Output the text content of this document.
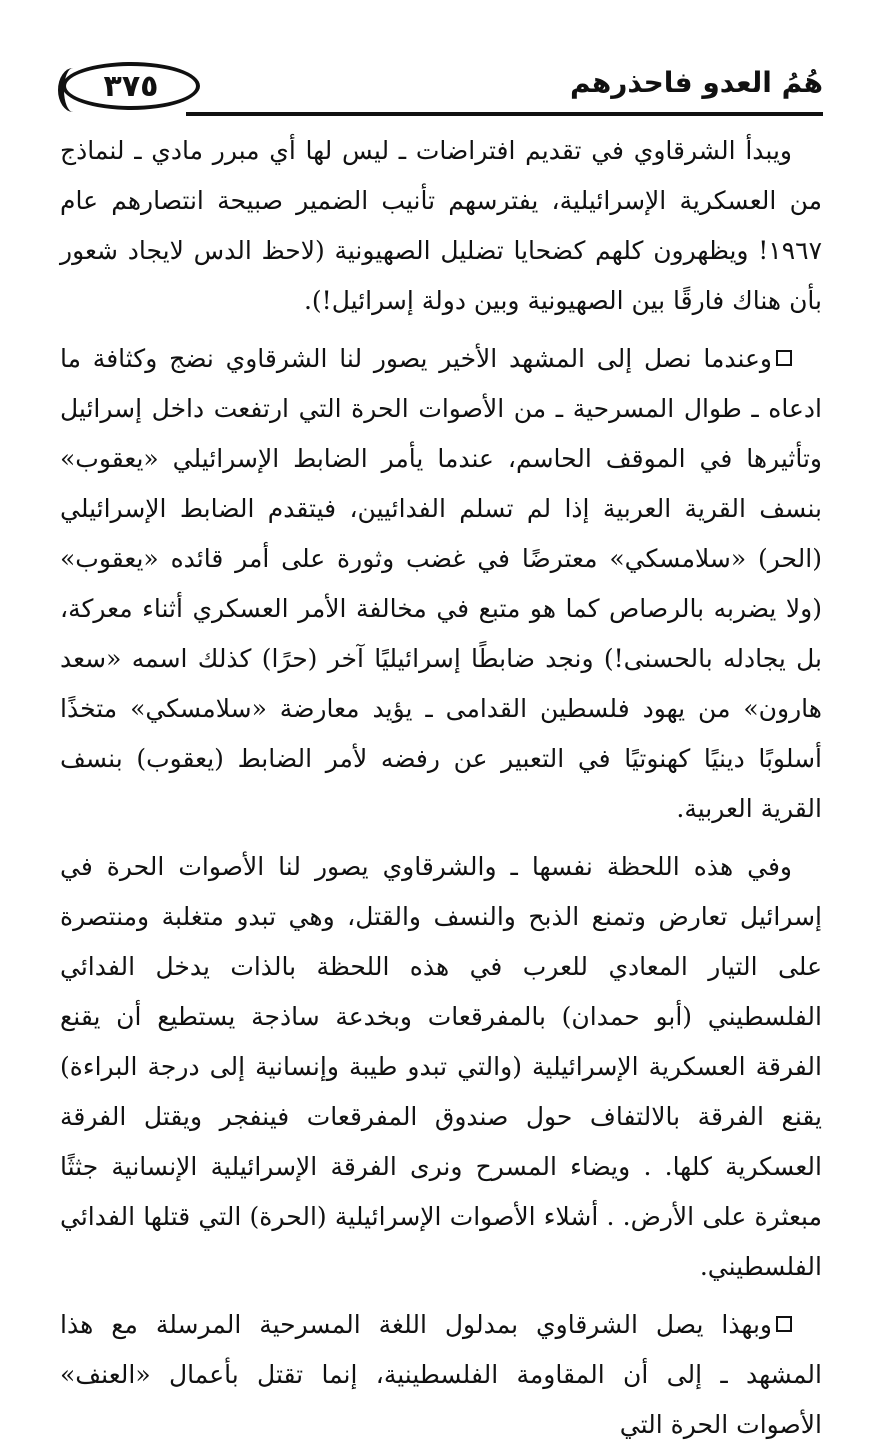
٣٧٥	هُمُ العدو فاحذرهم

ويبدأ الشرقاوي في تقديم افتراضات ـ ليس لها أي مبرر مادي ـ لنماذج من العسكرية الإسرائيلية، يفترسهم تأنيب الضمير صبيحة انتصارهم عام ١٩٦٧! ويظهرون كلهم كضحايا تضليل الصهيونية (لاحظ الدس لايجاد شعور بأن هناك فارقًا بين الصهيونية وبين دولة إسرائيل!).

وعندما نصل إلى المشهد الأخير يصور لنا الشرقاوي نضج وكثافة ما ادعاه ـ طوال المسرحية ـ من الأصوات الحرة التي ارتفعت داخل إسرائيل وتأثيرها في الموقف الحاسم، عندما يأمر الضابط الإسرائيلي «يعقوب» بنسف القرية العربية إذا لم تسلم الفدائيين، فيتقدم الضابط الإسرائيلي (الحر) «سلامسكي» معترضًا في غضب وثورة على أمر قائده «يعقوب» (ولا يضربه بالرصاص كما هو متبع في مخالفة الأمر العسكري أثناء معركة، بل يجادله بالحسنى!) ونجد ضابطًا إسرائيليًا آخر (حرًا) كذلك اسمه «سعد هارون» من يهود فلسطين القدامى ـ يؤيد معارضة «سلامسكي» متخذًا أسلوبًا دينيًا كهنوتيًا في التعبير عن رفضه لأمر الضابط (يعقوب) بنسف القرية العربية.

وفي هذه اللحظة نفسها ـ والشرقاوي يصور لنا الأصوات الحرة في إسرائيل تعارض وتمنع الذبح والنسف والقتل، وهي تبدو متغلبة ومنتصرة على التيار المعادي للعرب في هذه اللحظة بالذات يدخل الفدائي الفلسطيني (أبو حمدان) بالمفرقعات وبخدعة ساذجة يستطيع أن يقنع الفرقة العسكرية الإسرائيلية (والتي تبدو طيبة وإنسانية إلى درجة البراءة) يقنع الفرقة بالالتفاف حول صندوق المفرقعات فينفجر ويقتل الفرقة العسكرية كلها. . ويضاء المسرح ونرى الفرقة الإسرائيلية الإنسانية جثثًا مبعثرة على الأرض. . أشلاء الأصوات الإسرائيلية (الحرة) التي قتلها الفدائي الفلسطيني.

وبهذا يصل الشرقاوي بمدلول اللغة المسرحية المرسلة مع هذا المشهد ـ إلى أن المقاومة الفلسطينية، إنما تقتل بأعمال «العنف» الأصوات الحرة التي
